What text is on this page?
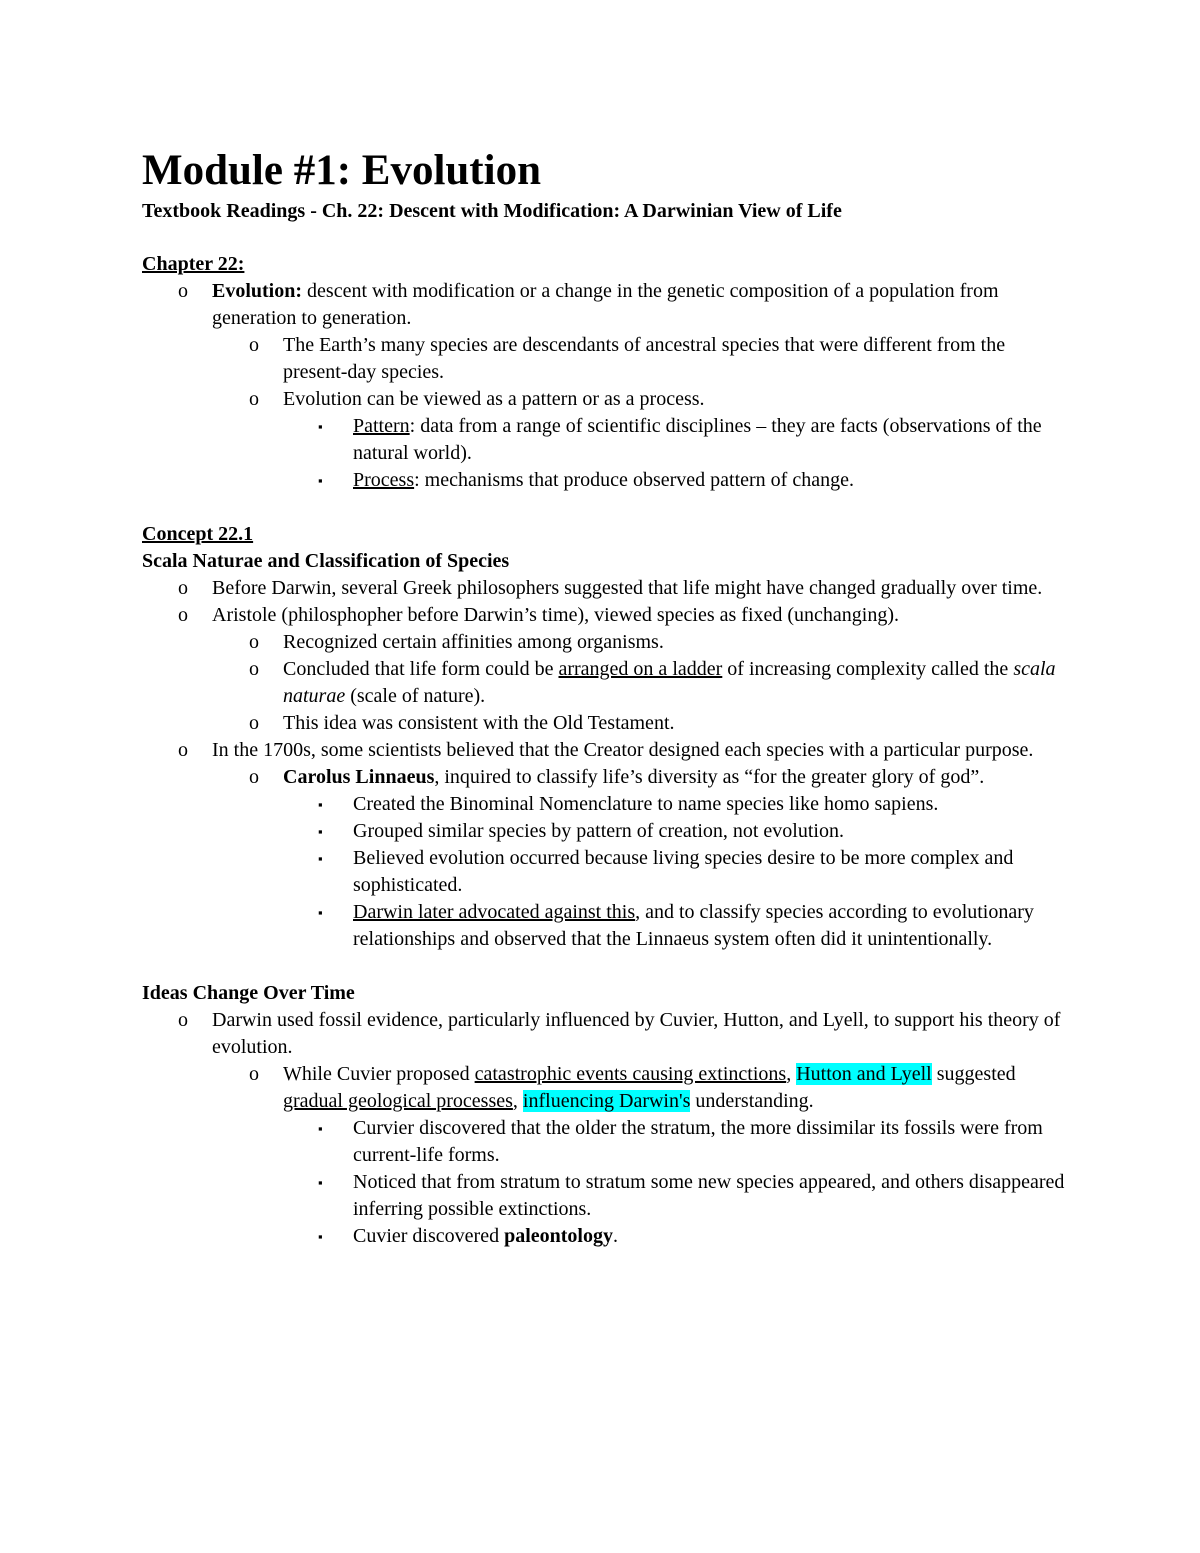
Module #1: Evolution
Textbook Readings - Ch. 22: Descent with Modification: A Darwinian View of Life

Chapter 22:

o Evolution: descent with modification or a change in the genetic composition of a population from generation to generation.
o The Earth’s many species are descendants of ancestral species that were different from the present-day species.
o Evolution can be viewed as a pattern or as a process.
▪ Pattern: data from a range of scientific disciplines – they are facts (observations of the natural world).
▪ Process: mechanisms that produce observed pattern of change.

Concept 22.1

Scala Naturae and Classification of Species

o Before Darwin, several Greek philosophers suggested that life might have changed gradually over time.
o Aristole (philosphopher before Darwin’s time), viewed species as fixed (unchanging).
o Recognized certain affinities among organisms.
o Concluded that life form could be arranged on a ladder of increasing complexity called the scala naturae (scale of nature).
o This idea was consistent with the Old Testament.
o In the 1700s, some scientists believed that the Creator designed each species with a particular purpose.
o Carolus Linnaeus, inquired to classify life’s diversity as “for the greater glory of god”.
▪ Created the Binominal Nomenclature to name species like homo sapiens.
▪ Grouped similar species by pattern of creation, not evolution.
▪ Believed evolution occurred because living species desire to be more complex and sophisticated.
▪ Darwin later advocated against this, and to classify species according to evolutionary relationships and observed that the Linnaeus system often did it unintentionally.

Ideas Change Over Time

o Darwin used fossil evidence, particularly influenced by Cuvier, Hutton, and Lyell, to support his theory of evolution.
o While Cuvier proposed catastrophic events causing extinctions, Hutton and Lyell suggested gradual geological processes, influencing Darwin's understanding.
▪ Curvier discovered that the older the stratum, the more dissimilar its fossils were from current-life forms.
▪ Noticed that from stratum to stratum some new species appeared, and others disappeared inferring possible extinctions.
▪ Cuvier discovered paleontology.
